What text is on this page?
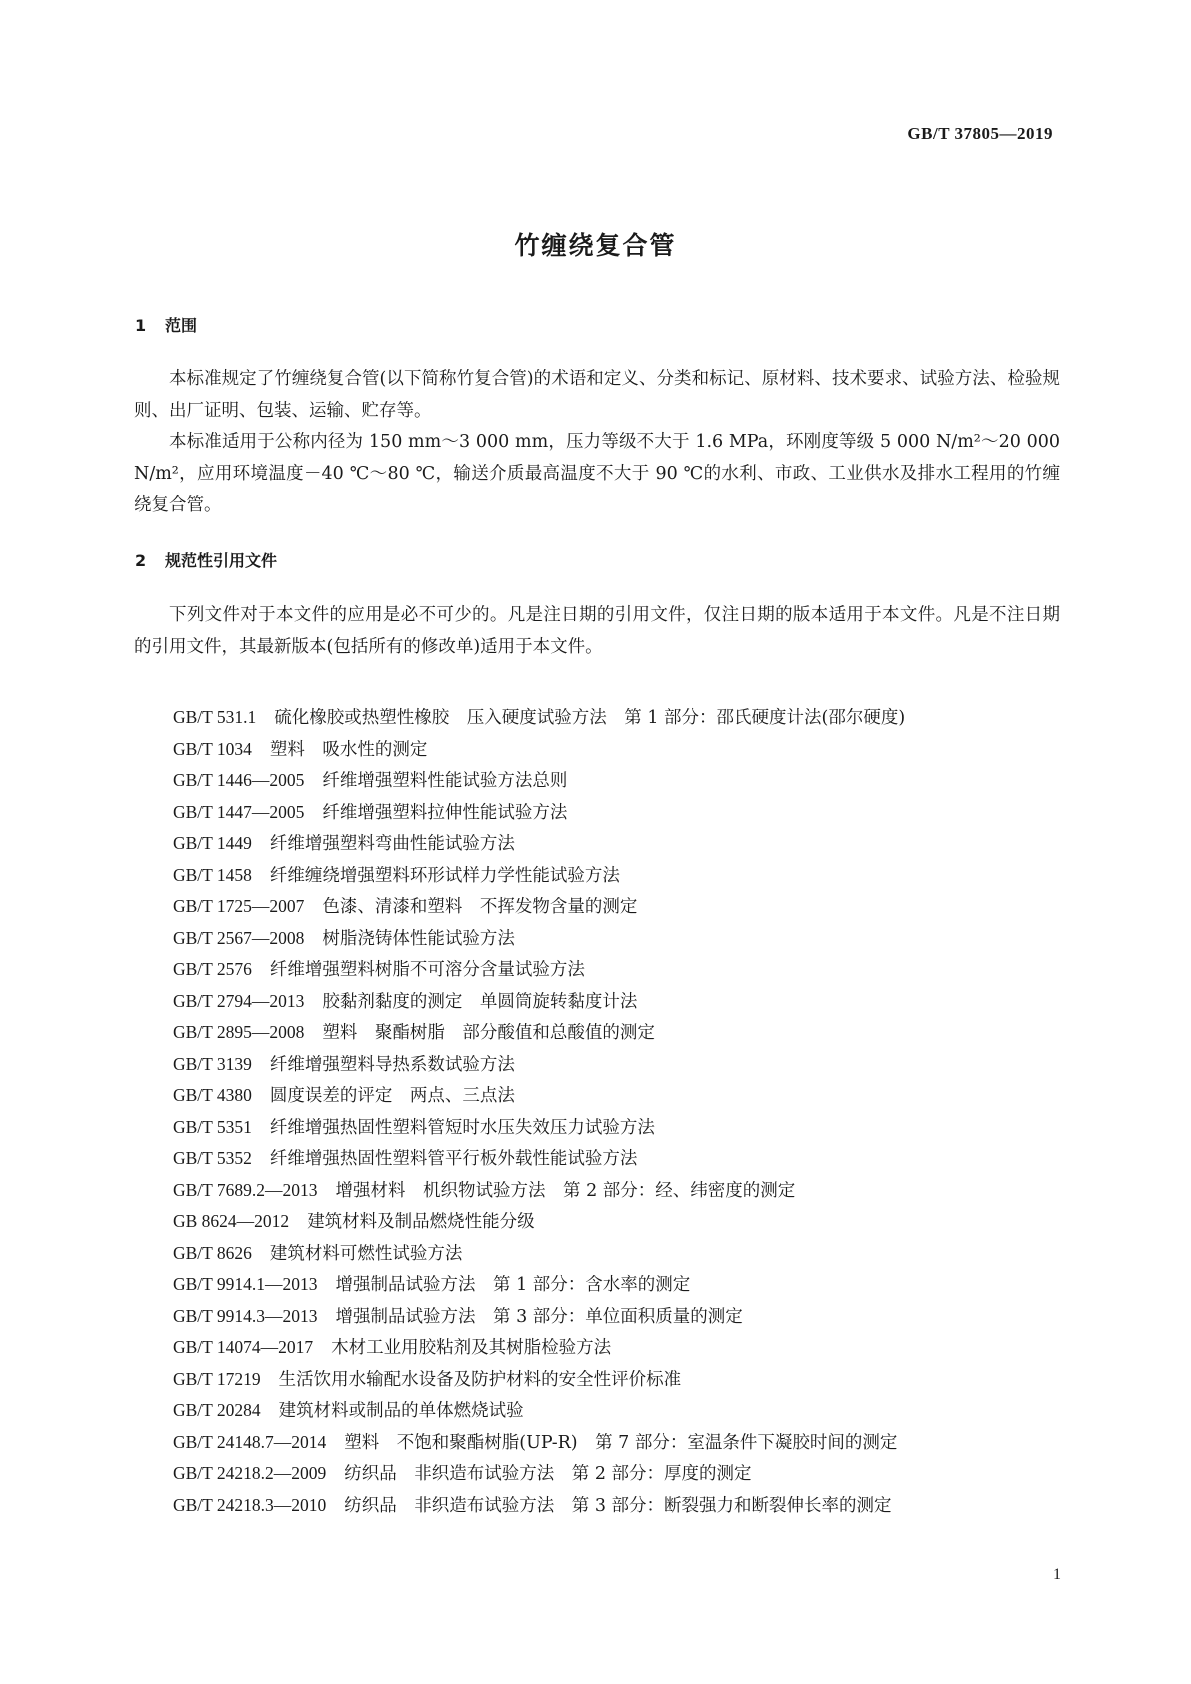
GB/T 37805—2019
竹缠绕复合管
1 范围

本标准规定了竹缠绕复合管(以下简称竹复合管)的术语和定义、分类和标记、原材料、技术要求、试验方法、检验规则、出厂证明、包装、运输、贮存等。

本标准适用于公称内径为 150 mm～3 000 mm，压力等级不大于 1.6 MPa，环刚度等级 5 000 N/m²～20 000 N/m²，应用环境温度－40 ℃～80 ℃，输送介质最高温度不大于 90 ℃的水利、市政、工业供水及排水工程用的竹缠绕复合管。

2 规范性引用文件

下列文件对于本文件的应用是必不可少的。凡是注日期的引用文件，仅注日期的版本适用于本文件。凡是不注日期的引用文件，其最新版本(包括所有的修改单)适用于本文件。

GB/T 531.1 硫化橡胶或热塑性橡胶　压入硬度试验方法　第 1 部分：邵氏硬度计法(邵尔硬度)
GB/T 1034 塑料　吸水性的测定
GB/T 1446—2005 纤维增强塑料性能试验方法总则
GB/T 1447—2005 纤维增强塑料拉伸性能试验方法
GB/T 1449 纤维增强塑料弯曲性能试验方法
GB/T 1458 纤维缠绕增强塑料环形试样力学性能试验方法
GB/T 1725—2007 色漆、清漆和塑料　不挥发物含量的测定
GB/T 2567—2008 树脂浇铸体性能试验方法
GB/T 2576 纤维增强塑料树脂不可溶分含量试验方法
GB/T 2794—2013 胶黏剂黏度的测定　单圆筒旋转黏度计法
GB/T 2895—2008 塑料　聚酯树脂　部分酸值和总酸值的测定
GB/T 3139 纤维增强塑料导热系数试验方法
GB/T 4380 圆度误差的评定　两点、三点法
GB/T 5351 纤维增强热固性塑料管短时水压失效压力试验方法
GB/T 5352 纤维增强热固性塑料管平行板外载性能试验方法
GB/T 7689.2—2013 增强材料　机织物试验方法　第 2 部分：经、纬密度的测定
GB 8624—2012 建筑材料及制品燃烧性能分级
GB/T 8626 建筑材料可燃性试验方法
GB/T 9914.1—2013 增强制品试验方法　第 1 部分：含水率的测定
GB/T 9914.3—2013 增强制品试验方法　第 3 部分：单位面积质量的测定
GB/T 14074—2017 木材工业用胶粘剂及其树脂检验方法
GB/T 17219 生活饮用水输配水设备及防护材料的安全性评价标准
GB/T 20284 建筑材料或制品的单体燃烧试验
GB/T 24148.7—2014 塑料　不饱和聚酯树脂(UP-R)　第 7 部分：室温条件下凝胶时间的测定
GB/T 24218.2—2009 纺织品　非织造布试验方法　第 2 部分：厚度的测定
GB/T 24218.3—2010 纺织品　非织造布试验方法　第 3 部分：断裂强力和断裂伸长率的测定
1
